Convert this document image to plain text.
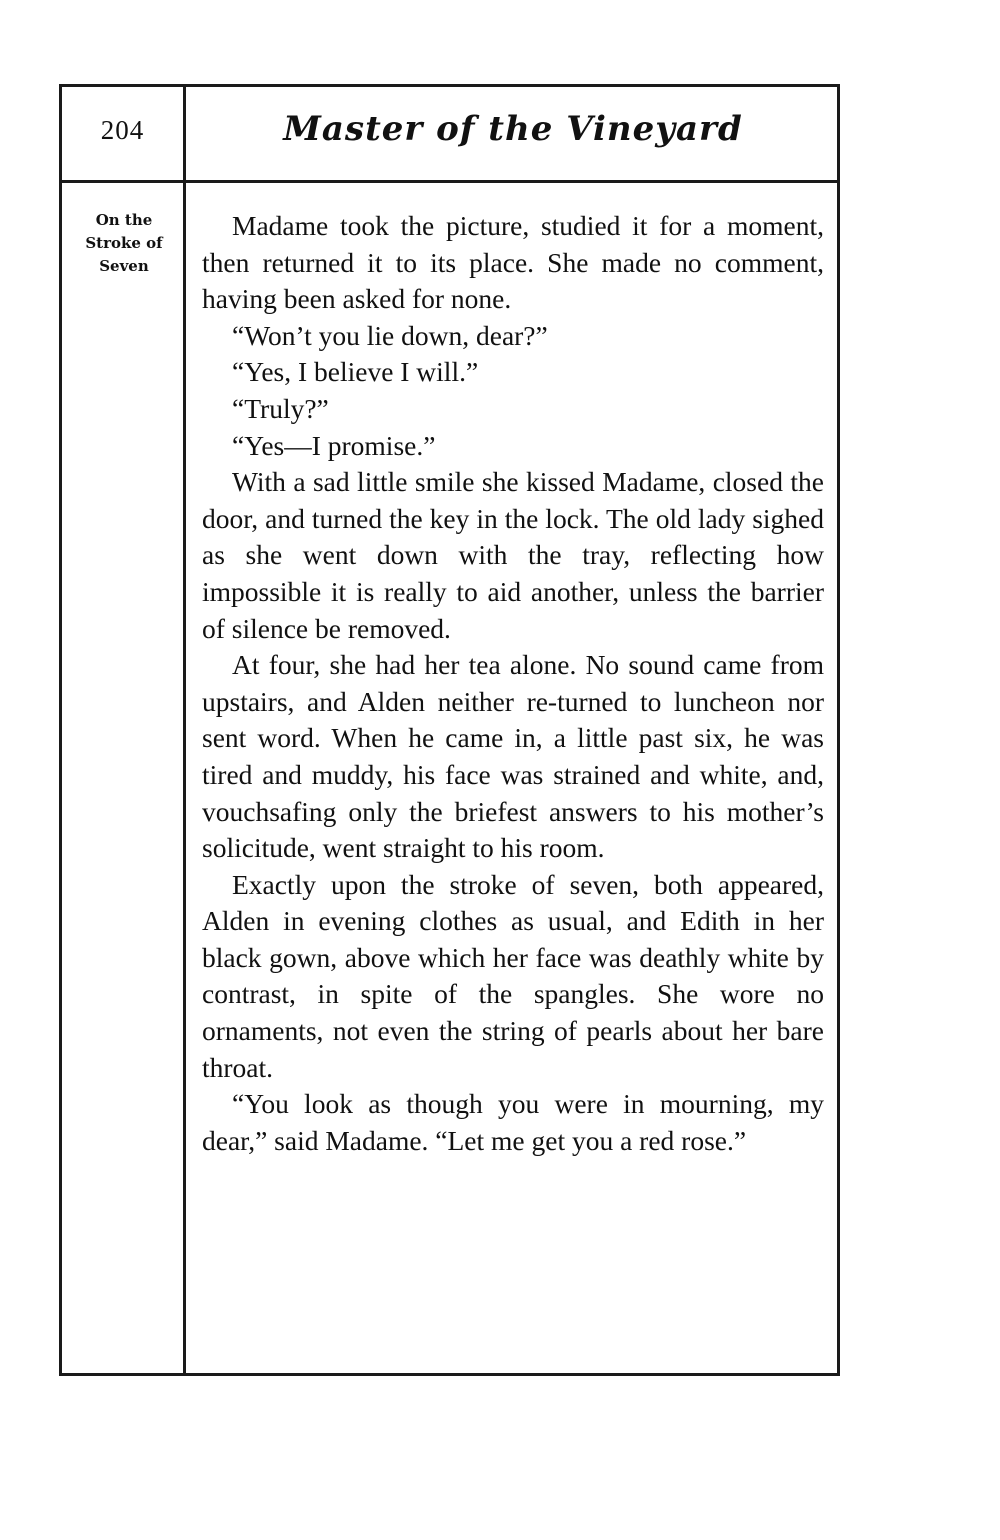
204	Master of the Vineyard
On the
Stroke of
Seven

Madame took the picture, studied it for a moment, then returned it to its place. She made no comment, having been asked for none.

“Won’t you lie down, dear?”

“Yes, I believe I will.”

“Truly?”

“Yes—I promise.”

With a sad little smile she kissed Madame, closed the door, and turned the key in the lock. The old lady sighed as she went down with the tray, reflecting how impossible it is really to aid another, unless the barrier of silence be removed.

At four, she had her tea alone. No sound came from upstairs, and Alden neither re-turned to luncheon nor sent word. When he came in, a little past six, he was tired and muddy, his face was strained and white, and, vouchsafing only the briefest answers to his mother’s solicitude, went straight to his room.

Exactly upon the stroke of seven, both appeared, Alden in evening clothes as usual, and Edith in her black gown, above which her face was deathly white by contrast, in spite of the spangles. She wore no ornaments, not even the string of pearls about her bare throat.

“You look as though you were in mourning, my dear,” said Madame. “Let me get you a red rose.”
